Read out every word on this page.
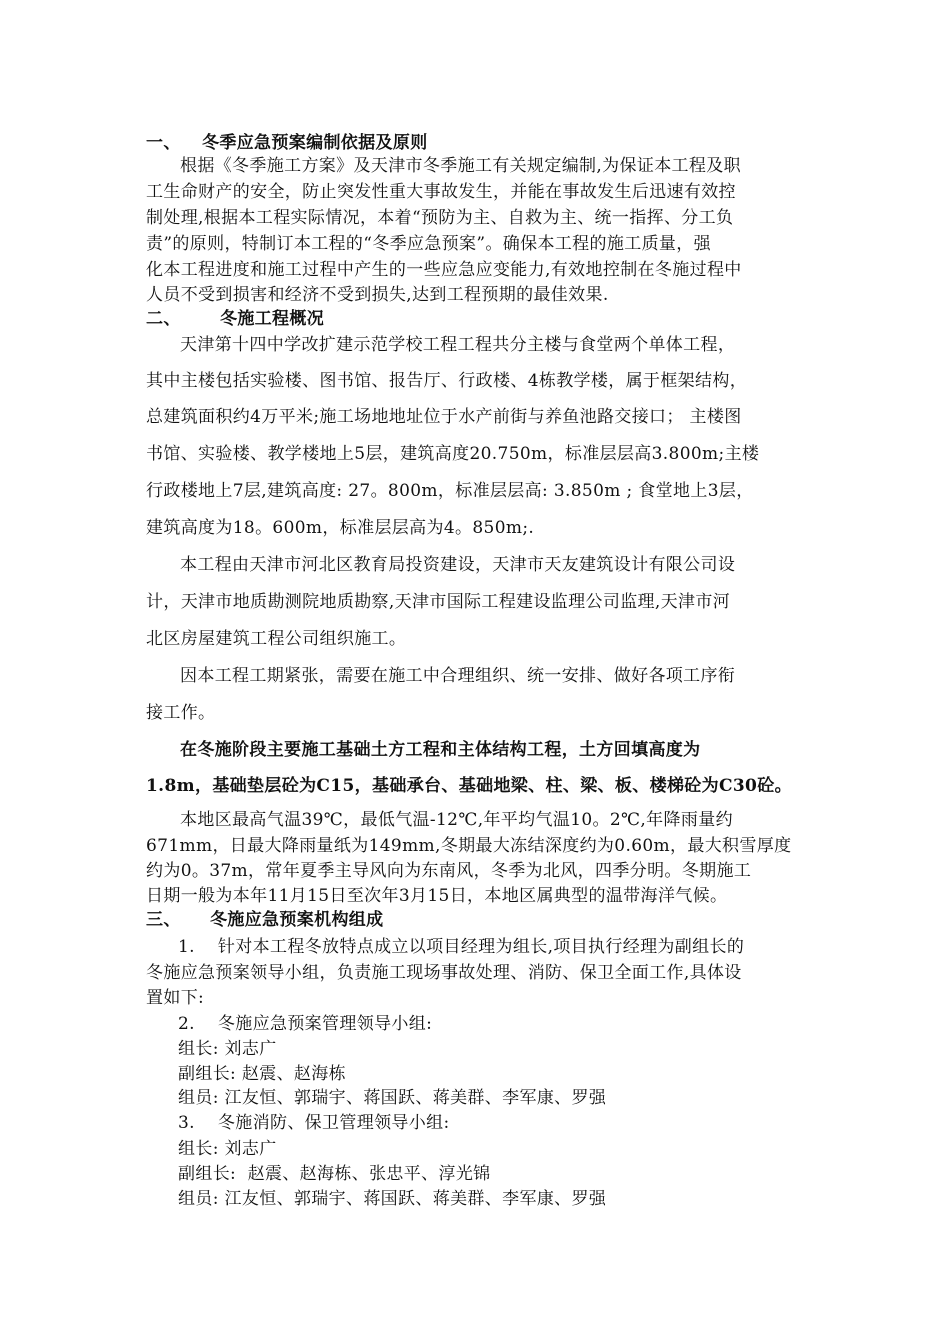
一、 冬季应急预案编制依据及原则
根据《冬季施工方案》及天津市冬季施工有关规定编制,为保证本工程及职
工生命财产的安全，防止突发性重大事故发生，并能在事故发生后迅速有效控
制处理,根据本工程实际情况，本着“预防为主、自救为主、统一指挥、分工负
责”的原则，特制订本工程的“冬季应急预案”。确保本工程的施工质量，强
化本工程进度和施工过程中产生的一些应急应变能力,有效地控制在冬施过程中
人员不受到损害和经济不受到损失,达到工程预期的最佳效果.
二、 冬施工程概况
天津第十四中学改扩建示范学校工程工程共分主楼与食堂两个单体工程，
其中主楼包括实验楼、图书馆、报告厅、行政楼、4栋教学楼，属于框架结构，
总建筑面积约4万平米;施工场地地址位于水产前街与养鱼池路交接口； 主楼图
书馆、实验楼、教学楼地上5层，建筑高度20.750m，标准层层高3.800m;主楼
行政楼地上7层,建筑高度: 27。800m，标准层层高: 3.850m ; 食堂地上3层，
建筑高度为18。600m，标准层层高为4。850m;.
本工程由天津市河北区教育局投资建设，天津市天友建筑设计有限公司设
计，天津市地质勘测院地质勘察,天津市国际工程建设监理公司监理,天津市河
北区房屋建筑工程公司组织施工。
因本工程工期紧张，需要在施工中合理组织、统一安排、做好各项工序衔
接工作。
在冬施阶段主要施工基础土方工程和主体结构工程，土方回填高度为
1.8m，基础垫层砼为C15，基础承台、基础地梁、柱、梁、板、楼梯砼为C30砼。
本地区最高气温39℃，最低气温-12℃,年平均气温10。2℃,年降雨量约
671mm，日最大降雨量纸为149mm,冬期最大冻结深度约为0.60m，最大积雪厚度
约为0。37m，常年夏季主导风向为东南风，冬季为北风，四季分明。冬期施工
日期一般为本年11月15日至次年3月15日，本地区属典型的温带海洋气候。
三、 冬施应急预案机构组成
1.    针对本工程冬放特点成立以项目经理为组长,项目执行经理为副组长的
冬施应急预案领导小组，负责施工现场事故处理、消防、保卫全面工作,具体设
置如下:
2.    冬施应急预案管理领导小组:
组长: 刘志广
副组长: 赵震、赵海栋
组员: 江友恒、郭瑞宇、蒋国跃、蒋美群、李军康、罗强
3.    冬施消防、保卫管理领导小组:
组长: 刘志广
副组长:  赵震、赵海栋、张忠平、淳光锦
组员: 江友恒、郭瑞宇、蒋国跃、蒋美群、李军康、罗强
